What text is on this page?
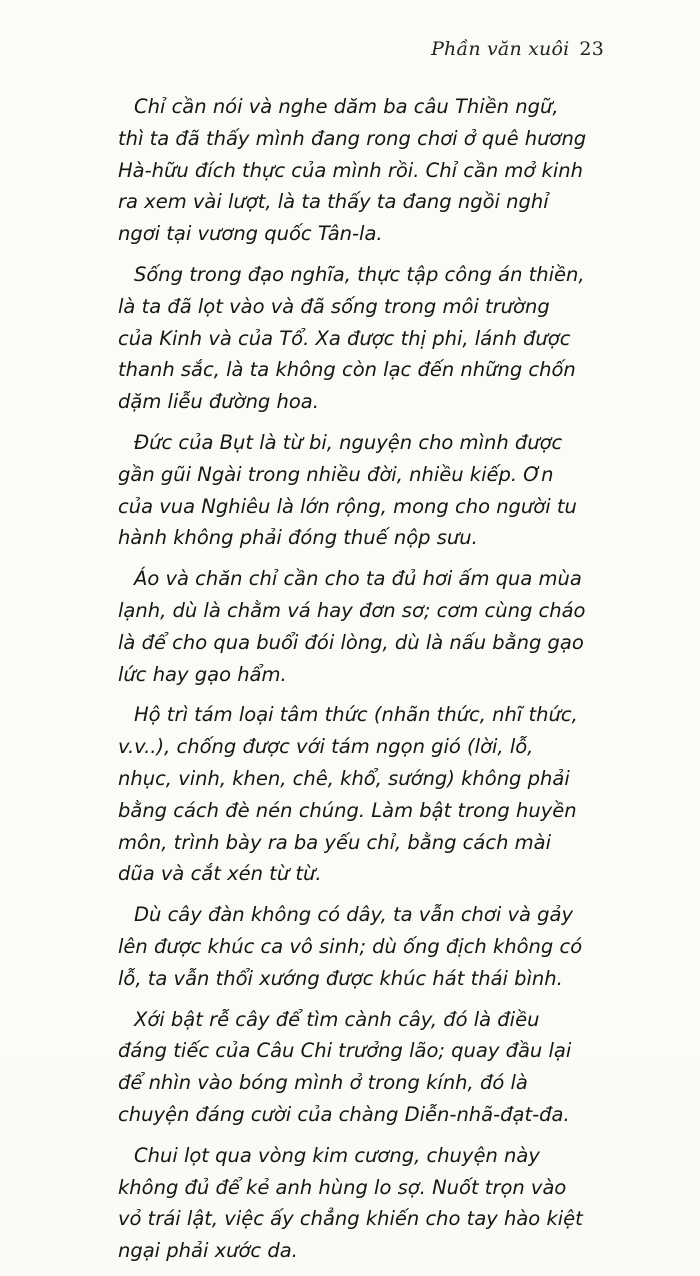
Phần văn xuôi 23

Chỉ cần nói và nghe dăm ba câu Thiền ngữ, thì ta đã thấy mình đang rong chơi ở quê hương Hà-hữu đích thực của mình rồi. Chỉ cần mở kinh ra xem vài lượt, là ta thấy ta đang ngồi nghỉ ngơi tại vương quốc Tân-la.

Sống trong đạo nghĩa, thực tập công án thiền, là ta đã lọt vào và đã sống trong môi trường của Kinh và của Tổ. Xa được thị phi, lánh được thanh sắc, là ta không còn lạc đến những chốn dặm liễu đường hoa.

Đức của Bụt là từ bi, nguyện cho mình được gần gũi Ngài trong nhiều đời, nhiều kiếp. Ơn của vua Nghiêu là lớn rộng, mong cho người tu hành không phải đóng thuế nộp sưu.

Áo và chăn chỉ cần cho ta đủ hơi ấm qua mùa lạnh, dù là chằm vá hay đơn sơ; cơm cùng cháo là để cho qua buổi đói lòng, dù là nấu bằng gạo lức hay gạo hẩm.

Hộ trì tám loại tâm thức (nhãn thức, nhĩ thức, v.v..), chống được với tám ngọn gió (lời, lỗ, nhục, vinh, khen, chê, khổ, sướng) không phải bằng cách đè nén chúng. Làm bật trong huyền môn, trình bày ra ba yếu chỉ, bằng cách mài dũa và cắt xén từ từ.

Dù cây đàn không có dây, ta vẫn chơi và gảy lên được khúc ca vô sinh; dù ống địch không có lỗ, ta vẫn thổi xướng được khúc hát thái bình.

Xới bật rễ cây để tìm cành cây, đó là điều đáng tiếc của Câu Chi trưởng lão; quay đầu lại để nhìn vào bóng mình ở trong kính, đó là chuyện đáng cười của chàng Diễn-nhã-đạt-đa.

Chui lọt qua vòng kim cương, chuyện này không đủ để kẻ anh hùng lo sợ. Nuốt trọn vào vỏ trái lật, việc ấy chẳng khiến cho tay hào kiệt ngại phải xước da.
